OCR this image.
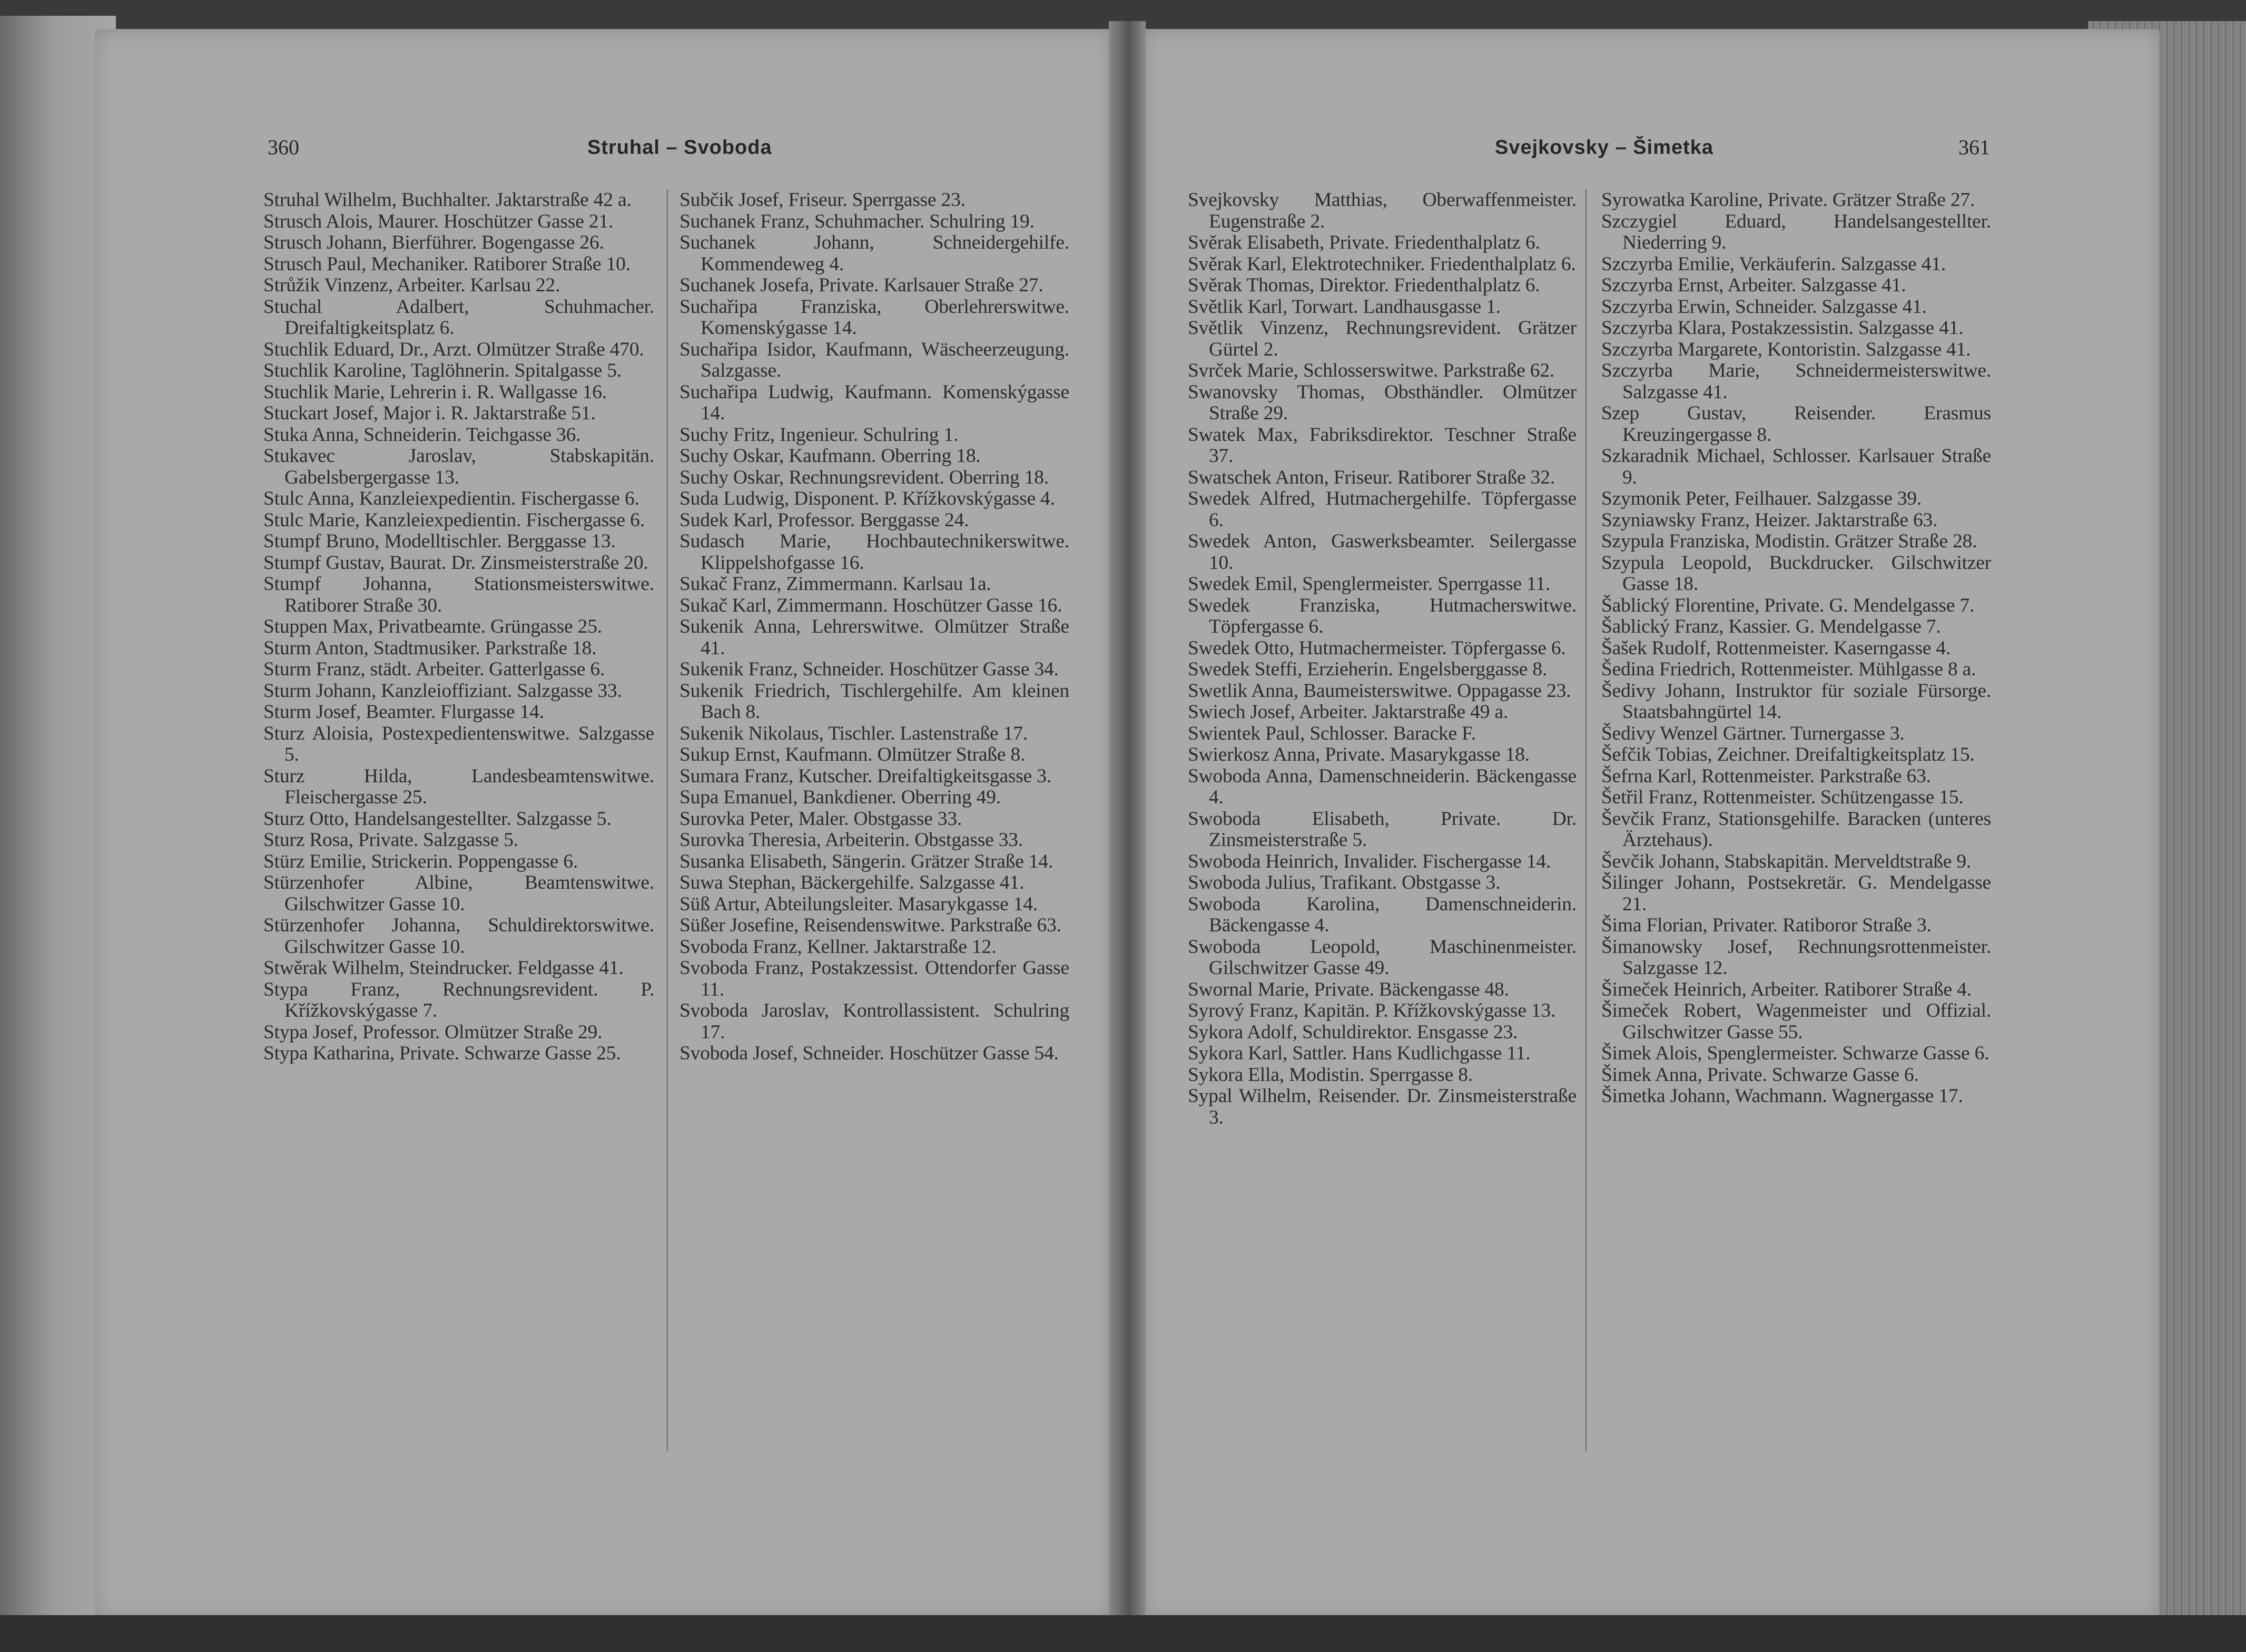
360	Struhal – Svoboda	Svejkovsky – Šimetka	361
Struhal Wilhelm, Buchhalter. Jaktarstraße 42 a.
Strusch Alois, Maurer. Hoschützer Gasse 21.
Strusch Johann, Bierführer. Bogengasse 26.
Strusch Paul, Mechaniker. Ratiborer Straße 10.
Strůžik Vinzenz, Arbeiter. Karlsau 22.
Stuchal Adalbert, Schuhmacher. Dreifaltigkeitsplatz 6.
Stuchlik Eduard, Dr., Arzt. Olmützer Straße 470.
Stuchlik Karoline, Taglöhnerin. Spitalgasse 5.
Stuchlik Marie, Lehrerin i. R. Wallgasse 16.
Stuckart Josef, Major i. R. Jaktarstraße 51.
Stuka Anna, Schneiderin. Teichgasse 36.
Stukavec Jaroslav, Stabskapitän. Gabelsbergergasse 13.
Stulc Anna, Kanzleiexpedientin. Fischergasse 6.
Stulc Marie, Kanzleiexpedientin. Fischergasse 6.
Stumpf Bruno, Modelltischler. Berggasse 13.
Stumpf Gustav, Baurat. Dr. Zinsmeisterstraße 20.
Stumpf Johanna, Stationsmeisterswitwe. Ratiborer Straße 30.
Stuppen Max, Privatbeamte. Grüngasse 25.
Sturm Anton, Stadtmusiker. Parkstraße 18.
Sturm Franz, städt. Arbeiter. Gatterlgasse 6.
Sturm Johann, Kanzleioffiziant. Salzgasse 33.
Sturm Josef, Beamter. Flurgasse 14.
Sturz Aloisia, Postexpedientenswitwe. Salzgasse 5.
Sturz Hilda, Landesbeamtenswitwe. Fleischergasse 25.
Sturz Otto, Handelsangestellter. Salzgasse 5.
Sturz Rosa, Private. Salzgasse 5.
Stürz Emilie, Strickerin. Poppengasse 6.
Stürzenhofer Albine, Beamtenswitwe. Gilschwitzer Gasse 10.
Stürzenhofer Johanna, Schuldirektorswitwe. Gilschwitzer Gasse 10.
Stwěrak Wilhelm, Steindrucker. Feldgasse 41.
Stypa Franz, Rechnungsrevident. P. Křížkovskýgasse 7.
Stypa Josef, Professor. Olmützer Straße 29.
Stypa Katharina, Private. Schwarze Gasse 25.
Subčik Josef, Friseur. Sperrgasse 23.
Suchanek Franz, Schuhmacher. Schulring 19.
Suchanek Johann, Schneidergehilfe. Kommendeweg 4.
Suchanek Josefa, Private. Karlsauer Straße 27.
Suchařipa Franziska, Oberlehrerswitwe. Komenskýgasse 14.
Suchařipa Isidor, Kaufmann, Wäscheerzeugung. Salzgasse.
Suchařipa Ludwig, Kaufmann. Komenskýgasse 14.
Suchy Fritz, Ingenieur. Schulring 1.
Suchy Oskar, Kaufmann. Oberring 18.
Suchy Oskar, Rechnungsrevident. Oberring 18.
Suda Ludwig, Disponent. P. Křížkovskýgasse 4.
Sudek Karl, Professor. Berggasse 24.
Sudasch Marie, Hochbautechnikerswitwe. Klippelshofgasse 16.
Sukač Franz, Zimmermann. Karlsau 1a.
Sukač Karl, Zimmermann. Hoschützer Gasse 16.
Sukenik Anna, Lehrerswitwe. Olmützer Straße 41.
Sukenik Franz, Schneider. Hoschützer Gasse 34.
Sukenik Friedrich, Tischlergehilfe. Am kleinen Bach 8.
Sukenik Nikolaus, Tischler. Lastenstraße 17.
Sukup Ernst, Kaufmann. Olmützer Straße 8.
Sumara Franz, Kutscher. Dreifaltigkeitsgasse 3.
Supa Emanuel, Bankdiener. Oberring 49.
Surovka Peter, Maler. Obstgasse 33.
Surovka Theresia, Arbeiterin. Obstgasse 33.
Susanka Elisabeth, Sängerin. Grätzer Straße 14.
Suwa Stephan, Bäckergehilfe. Salzgasse 41.
Süß Artur, Abteilungsleiter. Masarykgasse 14.
Süßer Josefine, Reisendenswitwe. Parkstraße 63.
Svoboda Franz, Kellner. Jaktarstraße 12.
Svoboda Franz, Postakzessist. Ottendorfer Gasse 11.
Svoboda Jaroslav, Kontrollassistent. Schulring 17.
Svoboda Josef, Schneider. Hoschützer Gasse 54.
Svejkovsky Matthias, Oberwaffenmeister. Eugenstraße 2.
Svěrak Elisabeth, Private. Friedenthalplatz 6.
Svěrak Karl, Elektrotechniker. Friedenthalplatz 6.
Svěrak Thomas, Direktor. Friedenthalplatz 6.
Světlik Karl, Torwart. Landhausgasse 1.
Světlik Vinzenz, Rechnungsrevident. Grätzer Gürtel 2.
Svrček Marie, Schlosserswitwe. Parkstraße 62.
Swanovsky Thomas, Obsthändler. Olmützer Straße 29.
Swatek Max, Fabriksdirektor. Teschner Straße 37.
Swatschek Anton, Friseur. Ratiborer Straße 32.
Swedek Alfred, Hutmachergehilfe. Töpfergasse 6.
Swedek Anton, Gaswerksbeamter. Seilergasse 10.
Swedek Emil, Spenglermeister. Sperrgasse 11.
Swedek Franziska, Hutmacherswitwe. Töpfergasse 6.
Swedek Otto, Hutmachermeister. Töpfergasse 6.
Swedek Steffi, Erzieherin. Engelsberggasse 8.
Swetlik Anna, Baumeisterswitwe. Oppagasse 23.
Swiech Josef, Arbeiter. Jaktarstraße 49 a.
Swientek Paul, Schlosser. Baracke F.
Swierkosz Anna, Private. Masarykgasse 18.
Swoboda Anna, Damenschneiderin. Bäckengasse 4.
Swoboda Elisabeth, Private. Dr. Zinsmeisterstraße 5.
Swoboda Heinrich, Invalider. Fischergasse 14.
Swoboda Julius, Trafikant. Obstgasse 3.
Swoboda Karolina, Damenschneiderin. Bäckengasse 4.
Swoboda Leopold, Maschinenmeister. Gilschwitzer Gasse 49.
Swornal Marie, Private. Bäckengasse 48.
Syrový Franz, Kapitän. P. Křížkovskýgasse 13.
Sykora Adolf, Schuldirektor. Ensgasse 23.
Sykora Karl, Sattler. Hans Kudlichgasse 11.
Sykora Ella, Modistin. Sperrgasse 8.
Sypal Wilhelm, Reisender. Dr. Zinsmeisterstraße 3.
Syrowatka Karoline, Private. Grätzer Straße 27.
Szczygiel Eduard, Handelsangestellter. Niederring 9.
Szczyrba Emilie, Verkäuferin. Salzgasse 41.
Szczyrba Ernst, Arbeiter. Salzgasse 41.
Szczyrba Erwin, Schneider. Salzgasse 41.
Szczyrba Klara, Postakzessistin. Salzgasse 41.
Szczyrba Margarete, Kontoristin. Salzgasse 41.
Szczyrba Marie, Schneidermeisterswitwe. Salzgasse 41.
Szep Gustav, Reisender. Erasmus Kreuzingergasse 8.
Szkaradnik Michael, Schlosser. Karlsauer Straße 9.
Szymonik Peter, Feilhauer. Salzgasse 39.
Szyniawsky Franz, Heizer. Jaktarstraße 63.
Szypula Franziska, Modistin. Grätzer Straße 28.
Szypula Leopold, Buckdrucker. Gilschwitzer Gasse 18.
Šablický Florentine, Private. G. Mendelgasse 7.
Šablický Franz, Kassier. G. Mendelgasse 7.
Šašek Rudolf, Rottenmeister. Kaserngasse 4.
Šedina Friedrich, Rottenmeister. Mühlgasse 8 a.
Šedivy Johann, Instruktor für soziale Fürsorge. Staatsbahngürtel 14.
Šedivy Wenzel Gärtner. Turnergasse 3.
Šefčik Tobias, Zeichner. Dreifaltigkeitsplatz 15.
Šefrna Karl, Rottenmeister. Parkstraße 63.
Šetřil Franz, Rottenmeister. Schützengasse 15.
Ševčik Franz, Stationsgehilfe. Baracken (unteres Ärztehaus).
Ševčik Johann, Stabskapitän. Merveldtstraße 9.
Šilinger Johann, Postsekretär. G. Mendelgasse 21.
Šima Florian, Privater. Ratiboror Straße 3.
Šimanowsky Josef, Rechnungsrottenmeister. Salzgasse 12.
Šimeček Heinrich, Arbeiter. Ratiborer Straße 4.
Šimeček Robert, Wagenmeister und Offizial. Gilschwitzer Gasse 55.
Šimek Alois, Spenglermeister. Schwarze Gasse 6.
Šimek Anna, Private. Schwarze Gasse 6.
Šimetka Johann, Wachmann. Wagnergasse 17.
